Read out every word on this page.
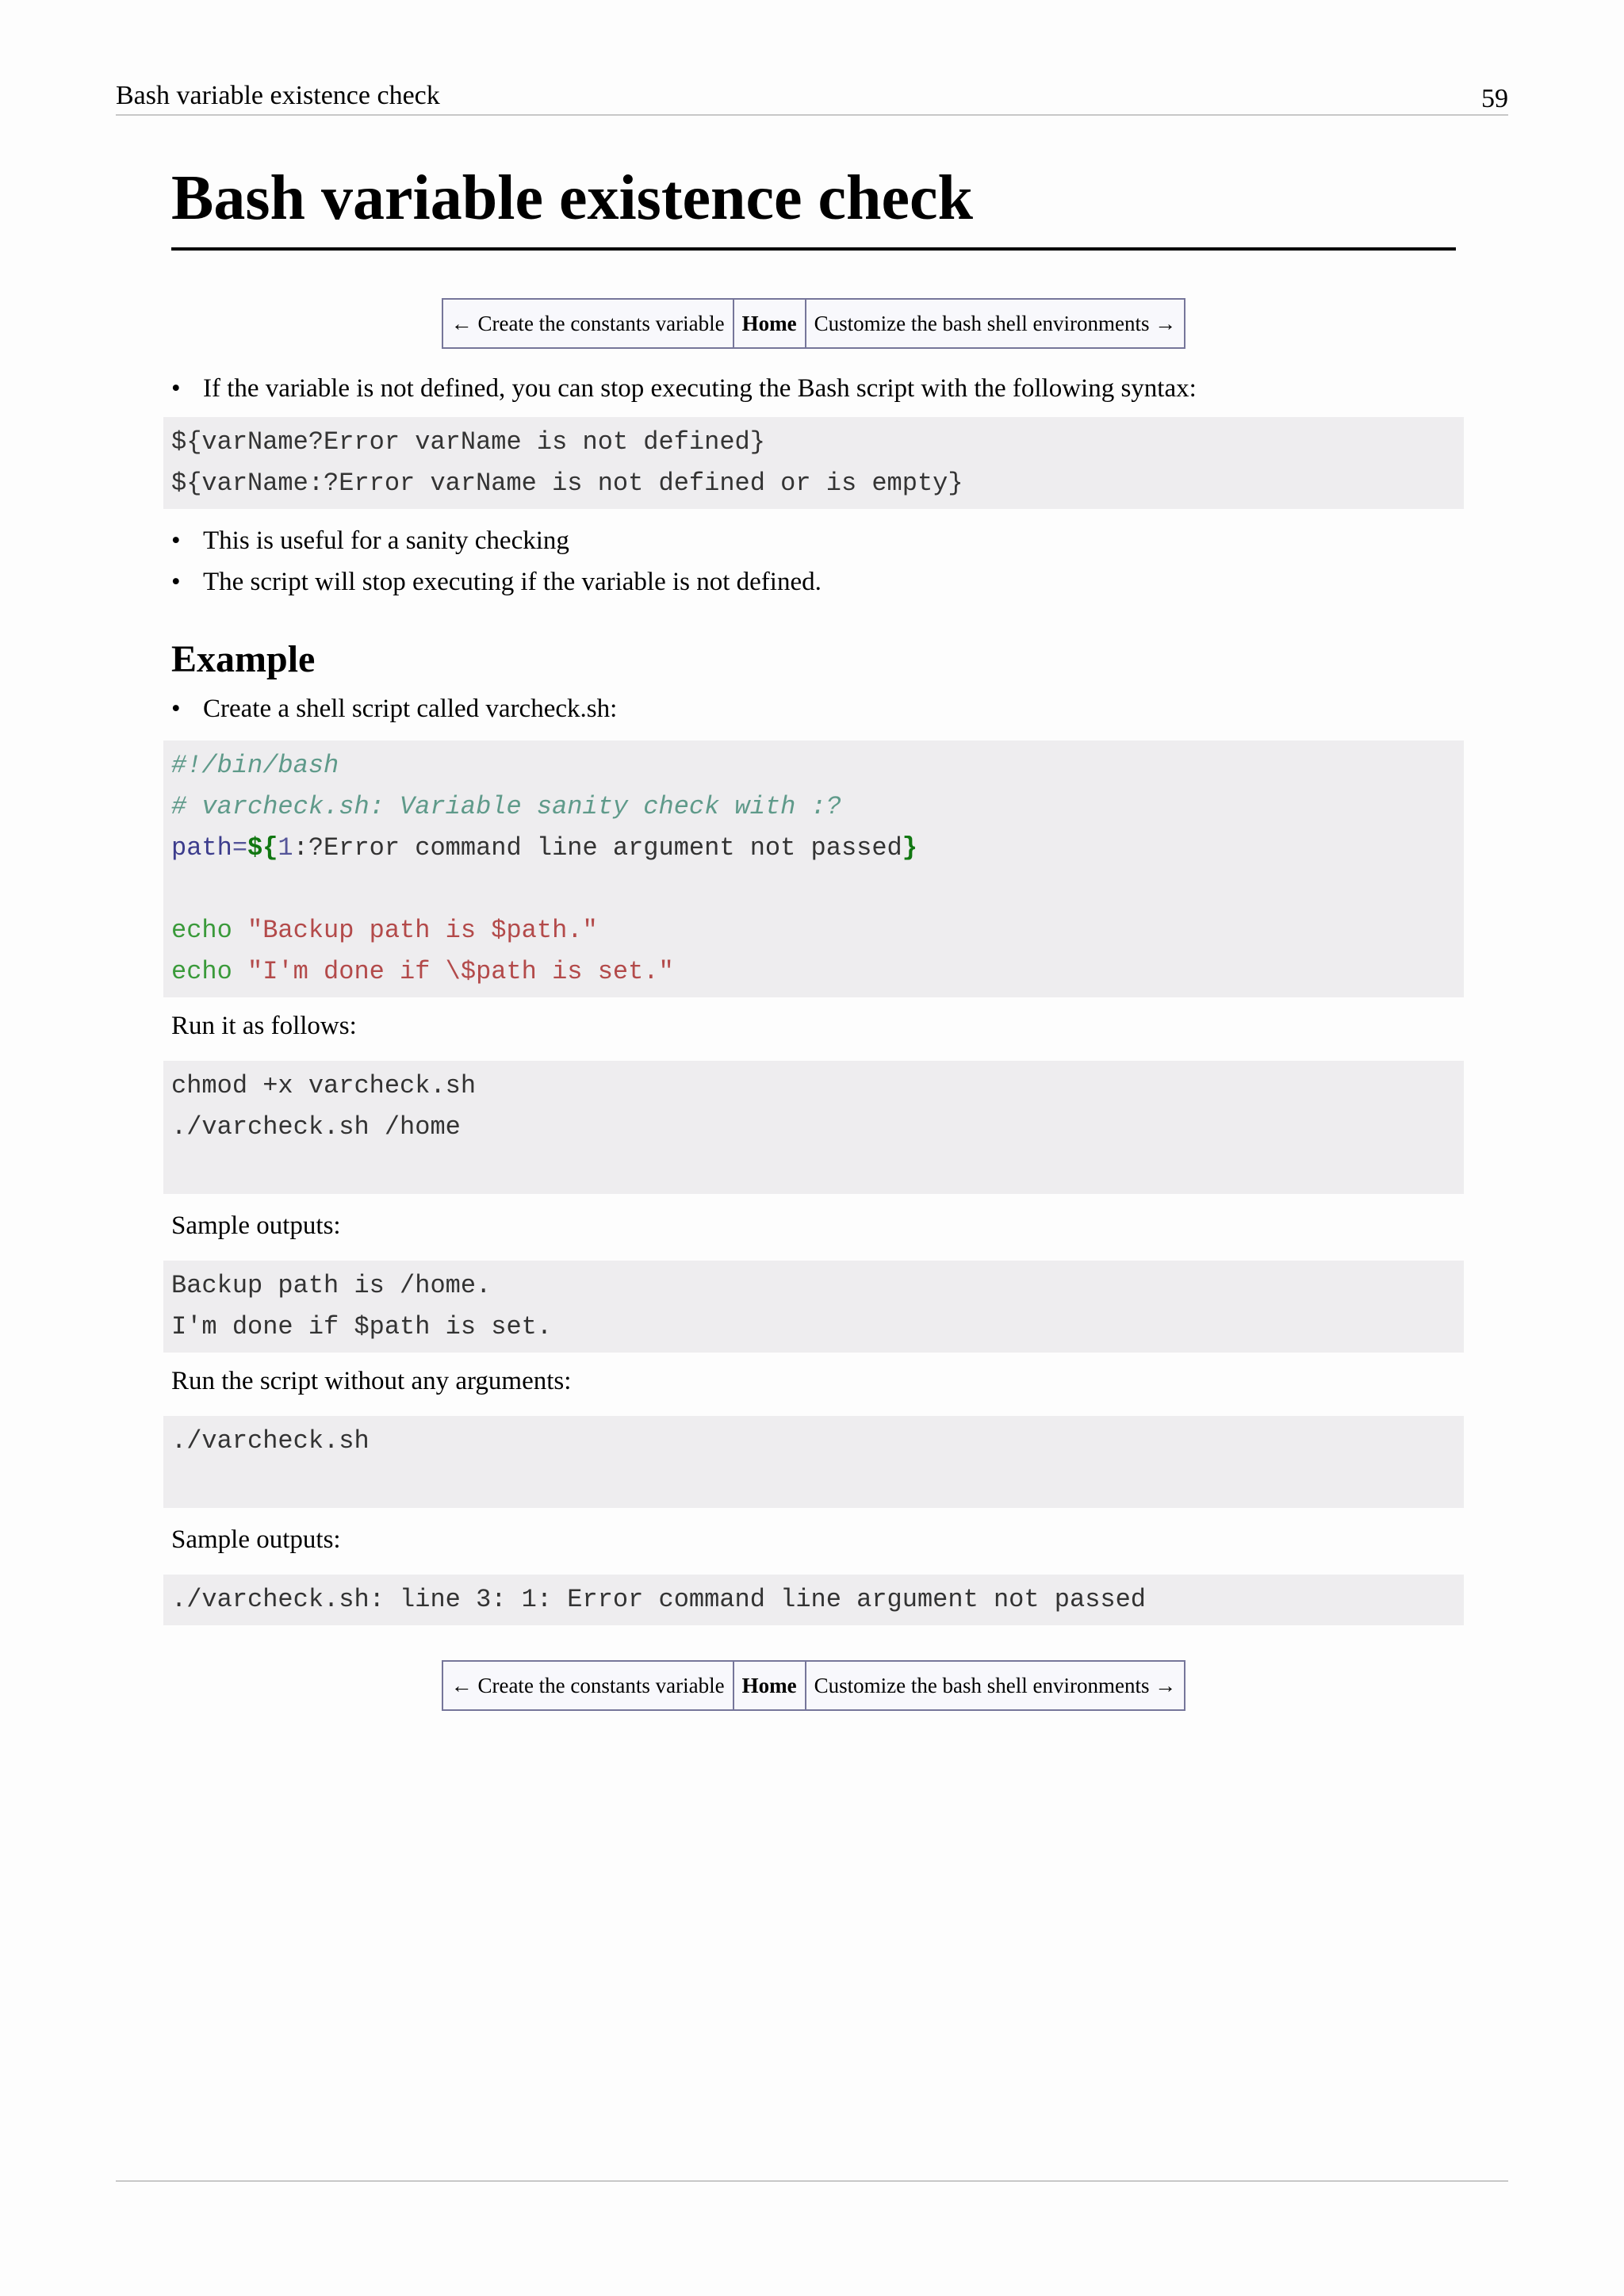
Bash variable existence check	59
Bash variable existence check
← Create the constants variable	Home	Customize the bash shell environments →
• If the variable is not defined, you can stop executing the Bash script with the following syntax:
${varName?Error varName is not defined}
${varName:?Error varName is not defined or is empty}
• This is useful for a sanity checking
• The script will stop executing if the variable is not defined.
Example
• Create a shell script called varcheck.sh:
#!/bin/bash
# varcheck.sh: Variable sanity check with :?
path=${1:?Error command line argument not passed}

echo "Backup path is $path."
echo "I'm done if \$path is set."

Run it as follows:

chmod +x varcheck.sh
./varcheck.sh /home

Sample outputs:

Backup path is /home.
I'm done if $path is set.

Run the script without any arguments:

./varcheck.sh

Sample outputs:

./varcheck.sh: line 3: 1: Error command line argument not passed
← Create the constants variable	Home	Customize the bash shell environments →
